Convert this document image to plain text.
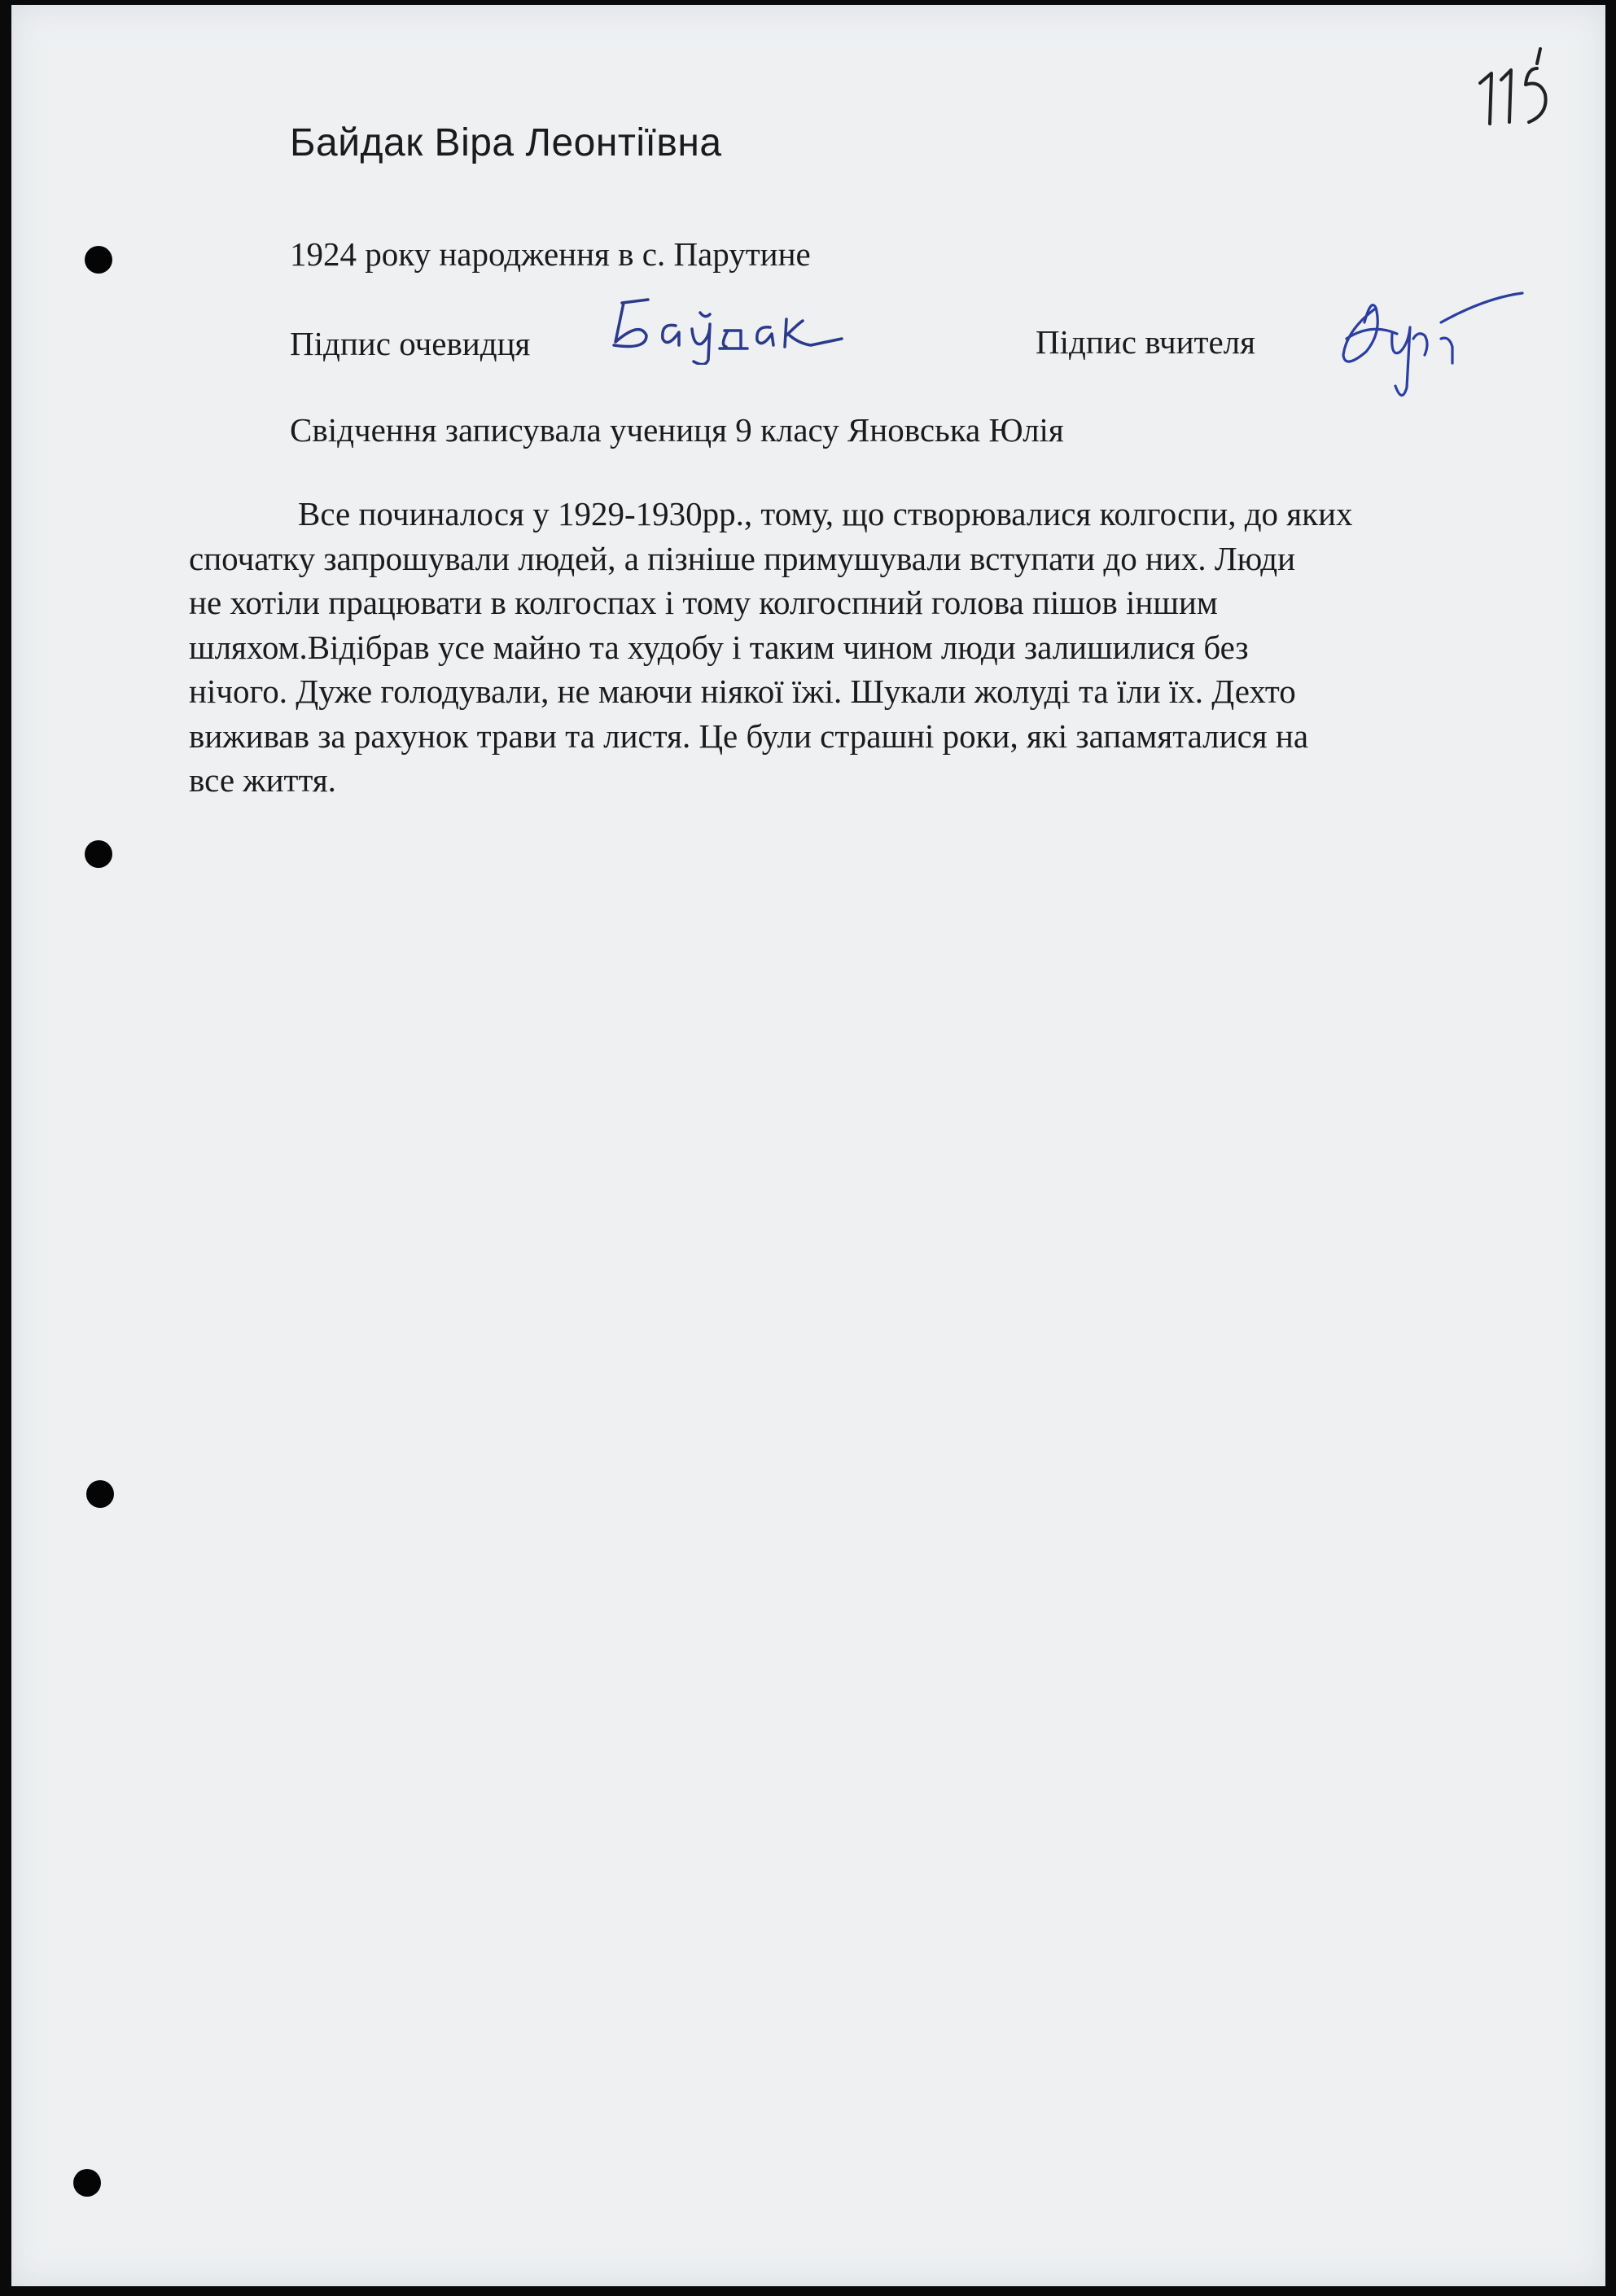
Байдак Віра Леонтіївна
1924 року народження в с. Парутине
Підпис очевидця	Підпис вчителя
Свідчення записувала учениця 9 класу Яновська Юлія
Все починалося у 1929-1930рр., тому, що створювалися колгоспи, до яких
спочатку запрошували людей, а пізніше примушували вступати до них. Люди
не хотіли працювати в колгоспах і тому колгоспний голова пішов іншим
шляхом.Відібрав усе майно та худобу і таким чином люди залишилися без
нічого. Дуже голодували, не маючи ніякої їжі. Шукали жолуді та їли їх. Дехто
виживав за рахунок трави та листя. Це були страшні роки, які запамяталися на
все життя.
